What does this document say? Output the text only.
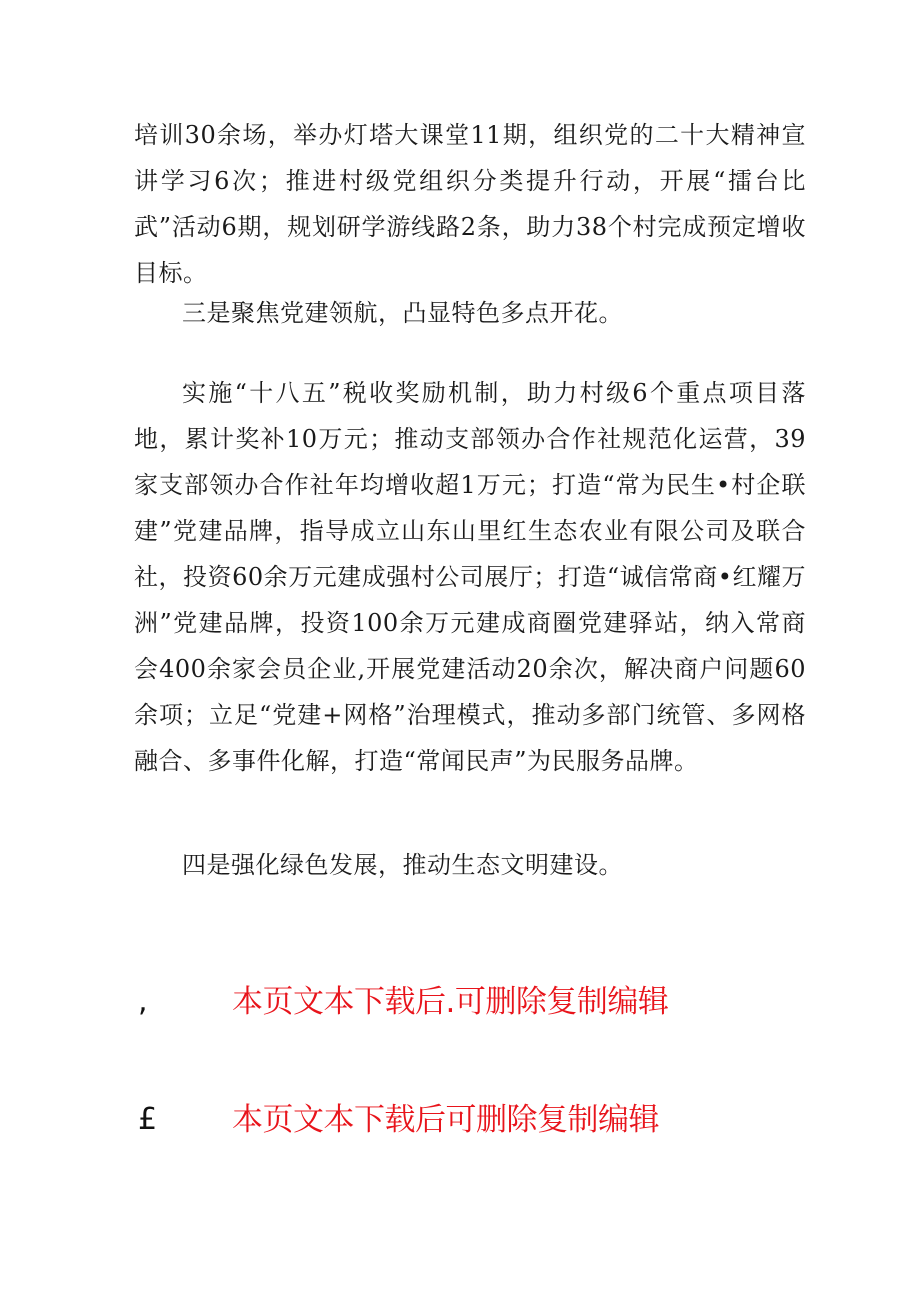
培训30余场，举办灯塔大课堂11期，组织党的二十大精神宣讲学习6次；推进村级党组织分类提升行动，开展“擂台比武”活动6期，规划研学游线路2条，助力38个村完成预定增收目标。

三是聚焦党建领航，凸显特色多点开花。

实施“十八五”税收奖励机制，助力村级6个重点项目落地，累计奖补10万元；推动支部领办合作社规范化运营，39家支部领办合作社年均增收超1万元；打造“常为民生•村企联建”党建品牌，指导成立山东山里红生态农业有限公司及联合社，投资60余万元建成强村公司展厅；打造“诚信常商•红耀万洲”党建品牌，投资100余万元建成商圈党建驿站，纳入常商会400余家会员企业,开展党建活动20余次，解决商户问题60余项；立足“党建+网格”治理模式，推动多部门统管、多网格融合、多事件化解，打造“常闻民声”为民服务品牌。

四是强化绿色发展，推动生态文明建设。

,	本页文本下载后.可删除复制编辑
£ 本页文本下载后可删除复制编辑
